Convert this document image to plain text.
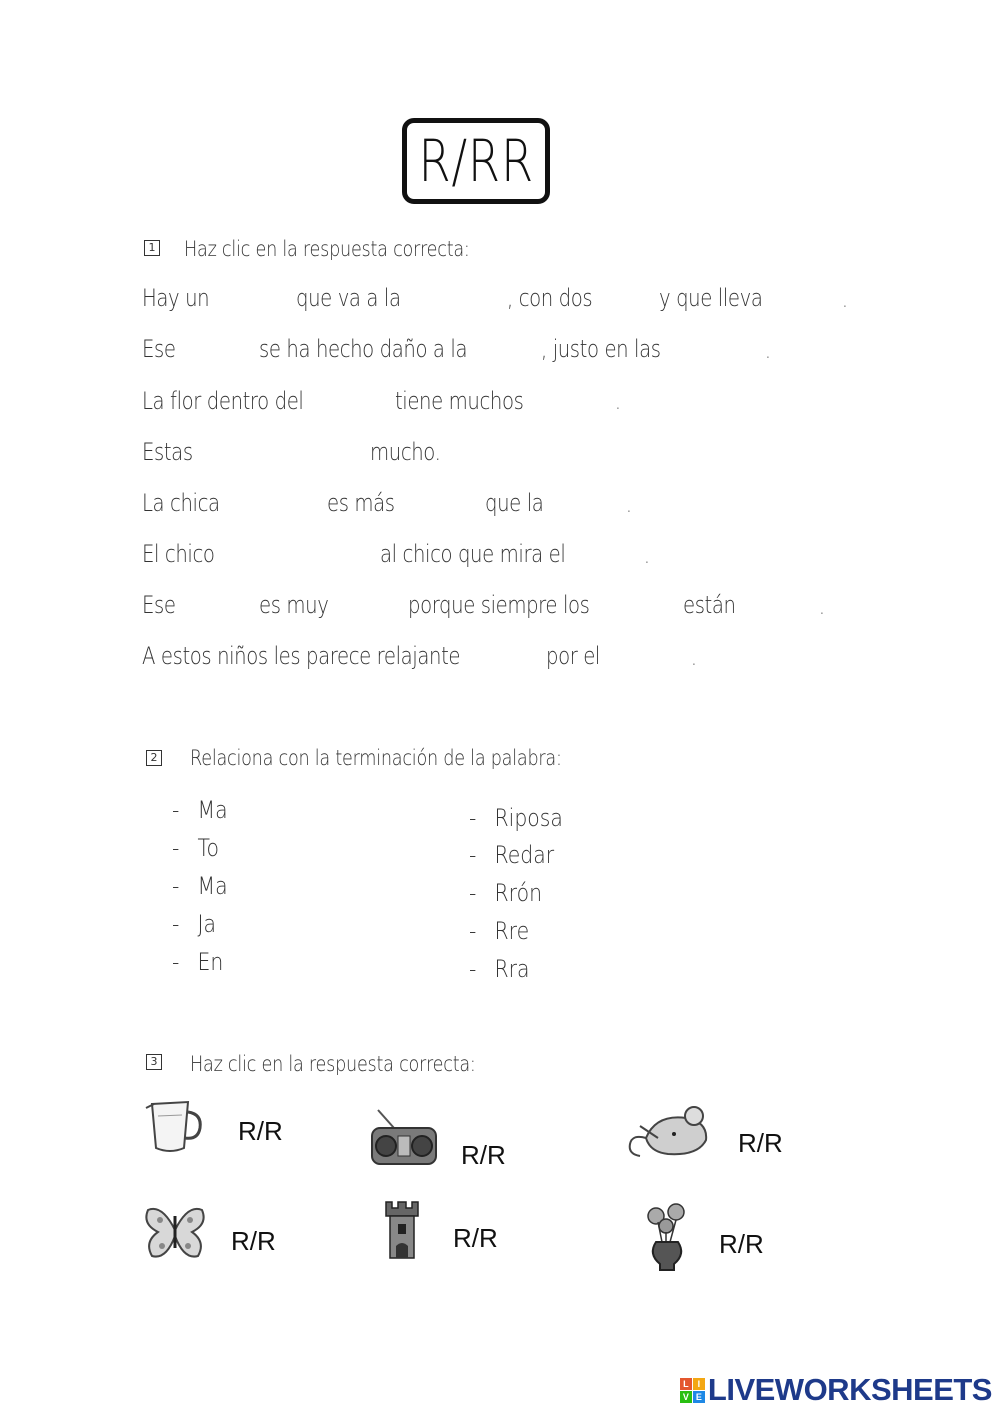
R/RR
1 Haz clic en la respuesta correcta:
Hay un	que va a la	, con dos	y que lleva	.
Ese	se ha hecho daño a la	, justo en las	.
La flor dentro del	tiene muchos	.
Estas	mucho.
La chica	es más	que la	.
El chico	al chico que mira el	.
Ese	es muy	porque siempre los	están	.
A estos niños les parece relajante	por el	.
2 Relaciona con la terminación de la palabra:
- Ma
- To
- Ma
- Ja
- En
- Riposa
- Redar
- Rrón
- Rre
- Rra
3 Haz clic en la respuesta correcta:
R/R
R/R	R/R
R/R	R/R	R/R
L I
V E LIVEWORKSHEETS
